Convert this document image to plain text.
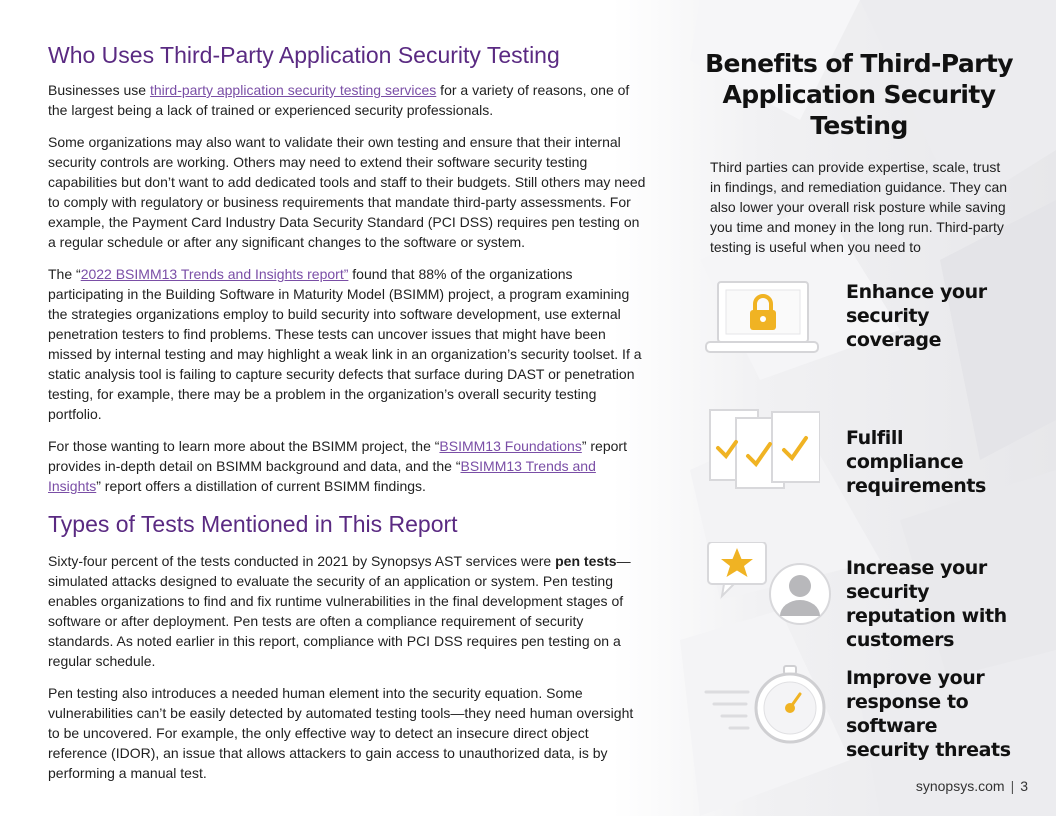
Who Uses Third-Party Application Security Testing

Businesses use third-party application security testing services for a variety of reasons, one of the largest being a lack of trained or experienced security professionals.

Some organizations may also want to validate their own testing and ensure that their internal security controls are working. Others may need to extend their software security testing capabilities but don’t want to add dedicated tools and staff to their budgets. Still others may need to comply with regulatory or business requirements that mandate third-party assessments. For example, the Payment Card Industry Data Security Standard (PCI DSS) requires pen testing on a regular schedule or after any significant changes to the software or system.

The “2022 BSIMM13 Trends and Insights report” found that 88% of the organizations participating in the Building Software in Maturity Model (BSIMM) project, a program examining the strategies organizations employ to build security into software development, use external penetration testers to find problems. These tests can uncover issues that might have been missed by internal testing and may highlight a weak link in an organization’s security toolset. If a static analysis tool is failing to capture security defects that surface during DAST or penetration testing, for example, there may be a problem in the organization’s overall security testing portfolio.

For those wanting to learn more about the BSIMM project, the “BSIMM13 Foundations” report provides in-depth detail on BSIMM background and data, and the “BSIMM13 Trends and Insights” report offers a distillation of current BSIMM findings.

Types of Tests Mentioned in This Report

Sixty-four percent of the tests conducted in 2021 by Synopsys AST services were pen tests—simulated attacks designed to evaluate the security of an application or system. Pen testing enables organizations to find and fix runtime vulnerabilities in the final development stages of software or after deployment. Pen tests are often a compliance requirement of security standards. As noted earlier in this report, compliance with PCI DSS requires pen testing on a regular schedule.

Pen testing also introduces a needed human element into the security equation. Some vulnerabilities can’t be easily detected by automated testing tools—they need human oversight to be uncovered. For example, the only effective way to detect an insecure direct object reference (IDOR), an issue that allows attackers to gain access to unauthorized data, is by performing a manual test.

Benefits of Third-Party Application Security Testing

Third parties can provide expertise, scale, trust in findings, and remediation guidance. They can also lower your overall risk posture while saving you time and money in the long run. Third-party testing is useful when you need to

Enhance your security coverage
Fulfill compliance requirements
Increase your security reputation with customers
Improve your response to software security threats
synopsys.com | 3
